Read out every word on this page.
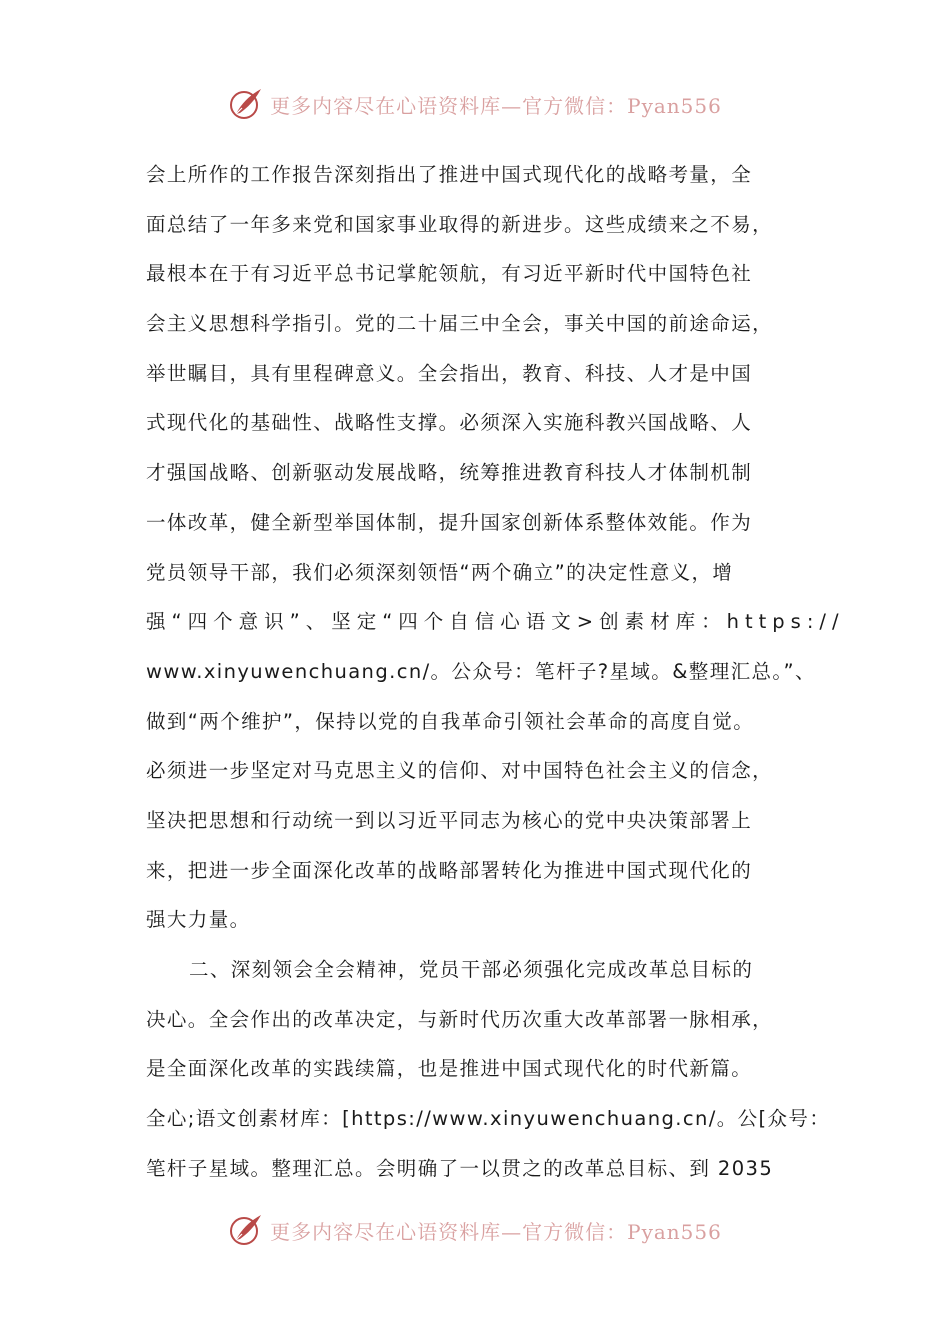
更多内容尽在心语资料库—官方微信：Pyan556
会上所作的工作报告深刻指出了推进中国式现代化的战略考量，全
面总结了一年多来党和国家事业取得的新进步。这些成绩来之不易，
最根本在于有习近平总书记掌舵领航，有习近平新时代中国特色社
会主义思想科学指引。党的二十届三中全会，事关中国的前途命运，
举世瞩目，具有里程碑意义。全会指出，教育、科技、人才是中国
式现代化的基础性、战略性支撑。必须深入实施科教兴国战略、人
才强国战略、创新驱动发展战略，统筹推进教育科技人才体制机制
一体改革，健全新型举国体制，提升国家创新体系整体效能。作为
党员领导干部，我们必须深刻领悟“两个确立”的决定性意义，增
强“四个意识”、坚定“四个自信心语文>创素材库：https://
www.xinyuwenchuang.cn/。公众号：笔杆子?星域。&整理汇总。”、
做到“两个维护”，保持以党的自我革命引领社会革命的高度自觉。
必须进一步坚定对马克思主义的信仰、对中国特色社会主义的信念，
坚决把思想和行动统一到以习近平同志为核心的党中央决策部署上
来，把进一步全面深化改革的战略部署转化为推进中国式现代化的
强大力量。
二、深刻领会全会精神，党员干部必须强化完成改革总目标的
决心。全会作出的改革决定，与新时代历次重大改革部署一脉相承，
是全面深化改革的实践续篇，也是推进中国式现代化的时代新篇。
全心;语文创素材库：[https://www.xinyuwenchuang.cn/。公[众号：
笔杆子星域。整理汇总。会明确了一以贯之的改革总目标、到 2035
更多内容尽在心语资料库—官方微信：Pyan556
